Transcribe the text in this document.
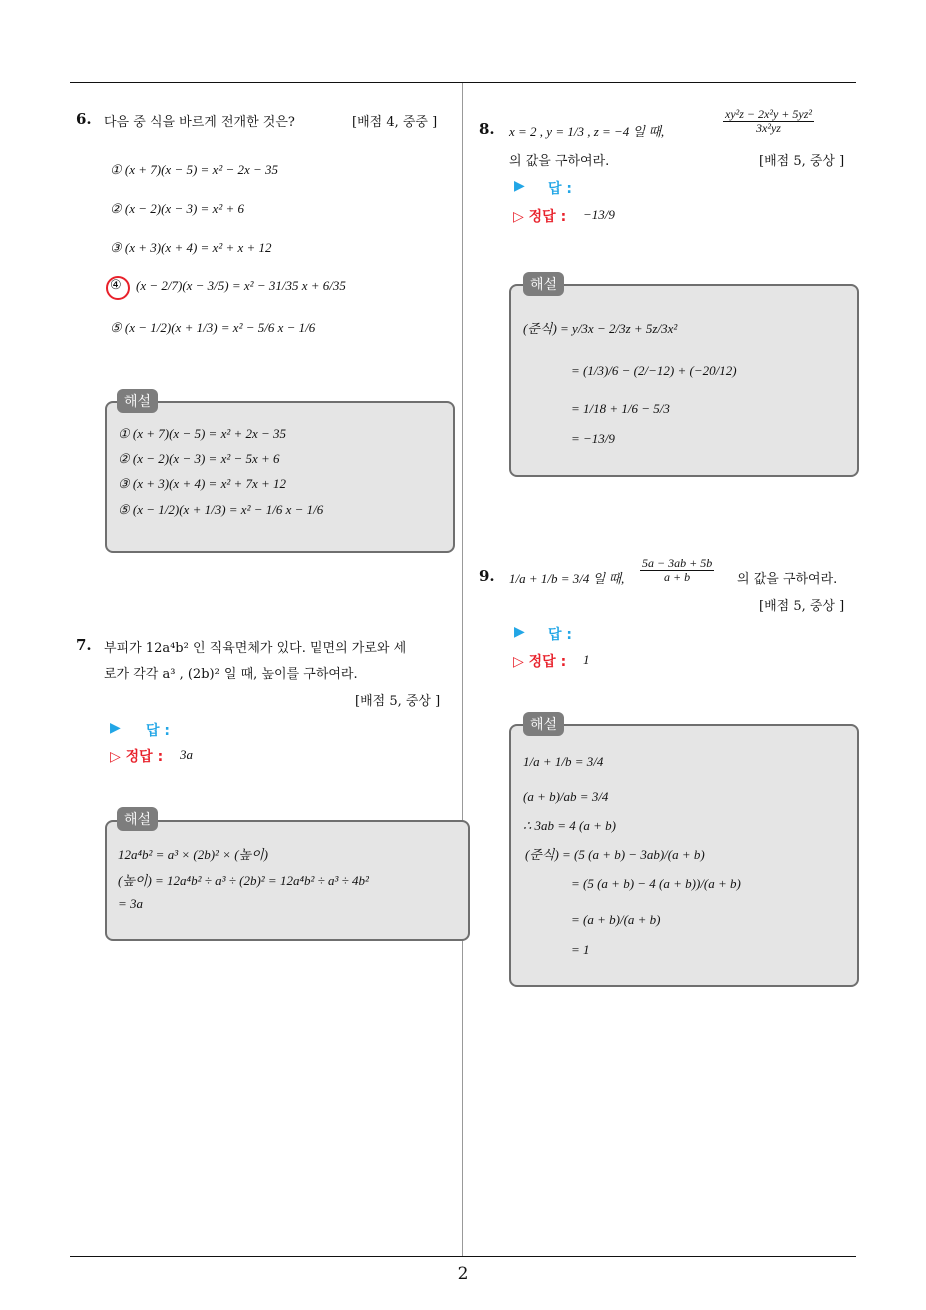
2
6. 다음 중 식을 바르게 전개한 것은?	[배점 4, 중중 ]
① (x + 7)(x − 5) = x² − 2x − 35
② (x − 2)(x − 3) = x² + 6
③ (x + 3)(x + 4) = x² + x + 12
④ (x − 2/7)(x − 3/5) = x² − 31/35 x + 6/35
⑤ (x − 1/2)(x + 1/3) = x² − 5/6 x − 1/6
해설
① (x + 7)(x − 5) = x² + 2x − 35
② (x − 2)(x − 3) = x² − 5x + 6
③ (x + 3)(x + 4) = x² + 7x + 12
⑤ (x − 1/2)(x + 1/3) = x² − 1/6 x − 1/6
7. 부피가 12a⁴b² 인 직육면체가 있다. 밑면의 가로와 세
로가 각각 a³ , (2b)² 일 때, 높이를 구하여라.
[배점 5, 중상 ]
▶ 답 :
▷ 정답 : 3a
해설
12a⁴b² = a³ × (2b)² × (높이)
(높이) = 12a⁴b² ÷ a³ ÷ (2b)² = 12a⁴b² ÷ a³ ÷ 4b²
= 3a
8. x = 2 , y = 1/3 , z = −4 일 때,	$\frac{\text{xy²z − 2x²y + 5yz²}}{\text{3x²yz}}$
의 값을 구하여라.	[배점 5, 중상 ]
▶ 답 :
▷ 정답 : −13/9
해설
(준식) = y/3x − 2/3z + 5z/3x²
= (1/3)/6 − (2/−12) + (−20/12)
= 1/18 + 1/6 − 5/3
= −13/9
9. 1/a + 1/b = 3/4 일 때, $\frac{5a - 3ab + 5b}{a + b}$ 의 값을 구하여라.
[배점 5, 중상 ]
▶ 답 :
▷ 정답 : 1
해설
1/a + 1/b = 3/4
(a + b)/ab = 3/4
∴ 3ab = 4 (a + b)
(준식) = (5 (a + b) − 3ab)/(a + b)
= (5 (a + b) − 4 (a + b))/(a + b)
= (a + b)/(a + b)
= 1
